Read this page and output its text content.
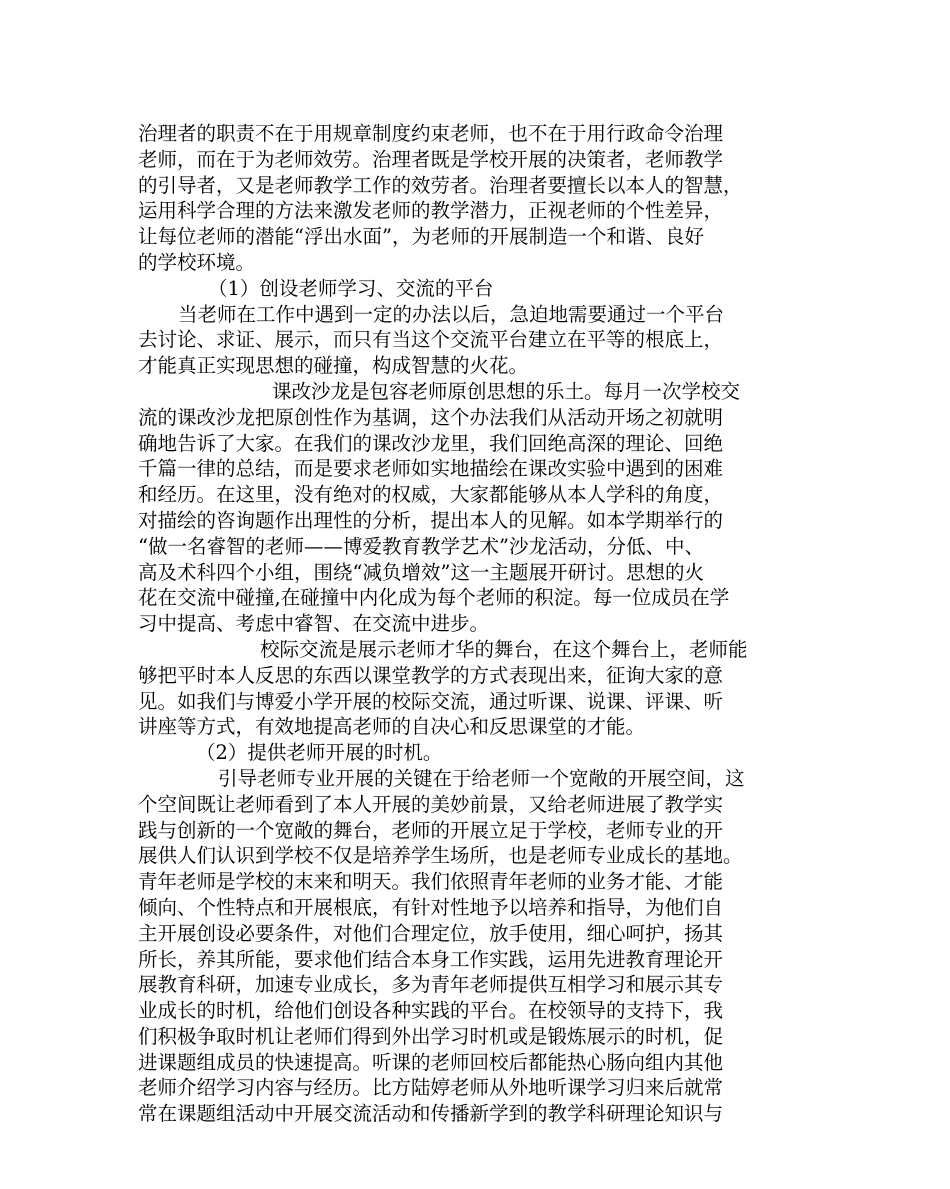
治理者的职责不在于用规章制度约束老师，也不在于用行政命令治理
老师，而在于为老师效劳。治理者既是学校开展的决策者，老师教学
的引导者，又是老师教学工作的效劳者。治理者要擅长以本人的智慧，
运用科学合理的方法来激发老师的教学潜力，正视老师的个性差异，
让每位老师的潜能“浮出水面”，为老师的开展制造一个和谐、良好
的学校环境。
（1）创设老师学习、交流的平台
当老师在工作中遇到一定的办法以后，急迫地需要通过一个平台
去讨论、求证、展示，而只有当这个交流平台建立在平等的根底上，
才能真正实现思想的碰撞，构成智慧的火花。
课改沙龙是包容老师原创思想的乐土。每月一次学校交
流的课改沙龙把原创性作为基调，这个办法我们从活动开场之初就明
确地告诉了大家。在我们的课改沙龙里，我们回绝高深的理论、回绝
千篇一律的总结，而是要求老师如实地描绘在课改实验中遇到的困难
和经历。在这里，没有绝对的权威，大家都能够从本人学科的角度，
对描绘的咨询题作出理性的分析，提出本人的见解。如本学期举行的
“做一名睿智的老师——博爱教育教学艺术”沙龙活动，分低、中、
高及术科四个小组，围绕“减负增效”这一主题展开研讨。思想的火
花在交流中碰撞,在碰撞中内化成为每个老师的积淀。每一位成员在学
习中提高、考虑中睿智、在交流中进步。
校际交流是展示老师才华的舞台，在这个舞台上，老师能
够把平时本人反思的东西以课堂教学的方式表现出来，征询大家的意
见。如我们与博爱小学开展的校际交流，通过听课、说课、评课、听
讲座等方式，有效地提高老师的自决心和反思课堂的才能。
（2）提供老师开展的时机。
引导老师专业开展的关键在于给老师一个宽敞的开展空间，这
个空间既让老师看到了本人开展的美妙前景，又给老师进展了教学实
践与创新的一个宽敞的舞台，老师的开展立足于学校，老师专业的开
展供人们认识到学校不仅是培养学生场所，也是老师专业成长的基地。
青年老师是学校的末来和明天。我们依照青年老师的业务才能、才能
倾向、个性特点和开展根底，有针对性地予以培养和指导，为他们自
主开展创设必要条件，对他们合理定位，放手使用，细心呵护，扬其
所长，养其所能，要求他们结合本身工作实践，运用先进教育理论开
展教育科研，加速专业成长，多为青年老师提供互相学习和展示其专
业成长的时机，给他们创设各种实践的平台。在校领导的支持下，我
们积极争取时机让老师们得到外出学习时机或是锻炼展示的时机，促
进课题组成员的快速提高。听课的老师回校后都能热心肠向组内其他
老师介绍学习内容与经历。比方陆婷老师从外地听课学习归来后就常
常在课题组活动中开展交流活动和传播新学到的教学科研理论知识与
